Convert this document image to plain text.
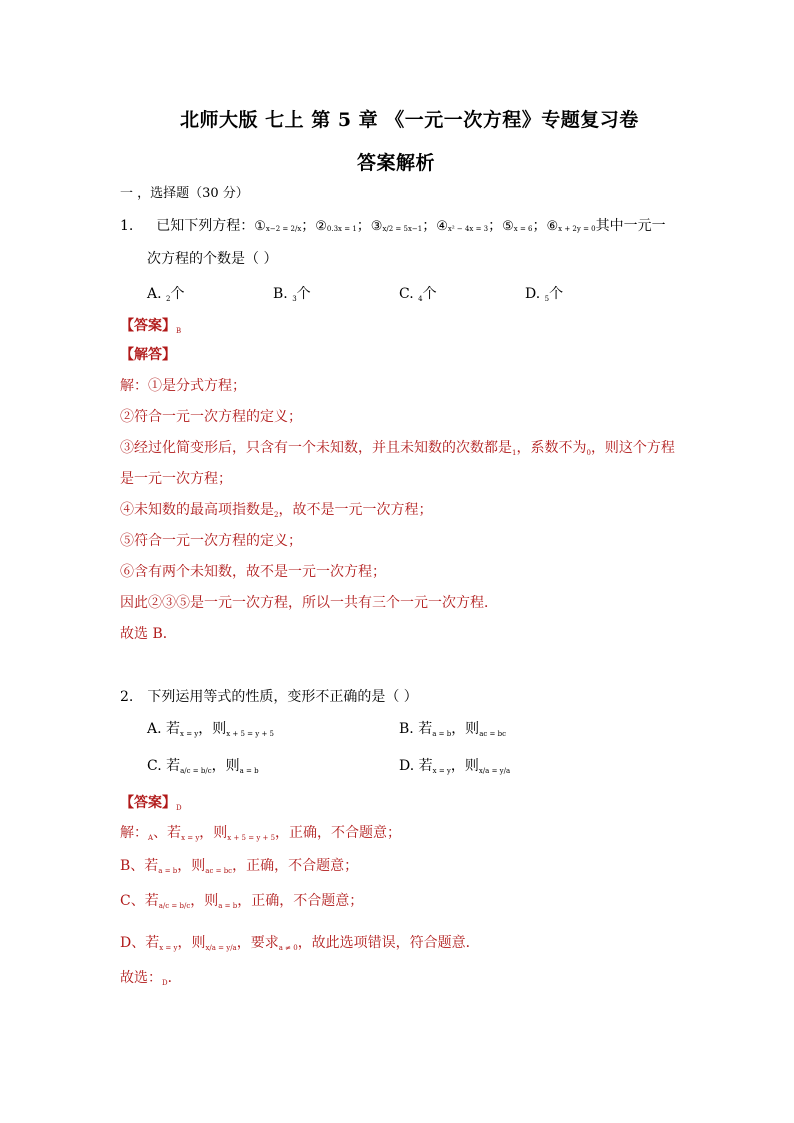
北师大版 七上 第 5 章 《一元一次方程》专题复习卷
答案解析
一 ，选择题（30 分）
1. 已知下列方程：①x−2 = 2/x；②0.3x = 1；③x/2 = 5x−1；④x² − 4x = 3；⑤x = 6；⑥x + 2y = 0其中一元一
次方程的个数是（ ）
A. $_2$个	B. $_3$个	C. $_4$个	D. $_5$个
【答案】$_B$
【解答】
解：①是分式方程；
②符合一元一次方程的定义；
③经过化简变形后，只含有一个未知数，并且未知数的次数都是$_1$，系数不为$_0$，则这个方程
是一元一次方程；
④未知数的最高项指数是$_2$，故不是一元一次方程；
⑤符合一元一次方程的定义；
⑥含有两个未知数，故不是一元一次方程；
因此②③⑤是一元一次方程，所以一共有三个一元一次方程．
故选 B．
2. 下列运用等式的性质，变形不正确的是（ ）
A. 若$_{x = y}$，则$_{x + 5 = y + 5}$	B. 若$_{a = b}$，则$_{ac = bc}$
C. 若$_{a/c = b/c}$，则$_{a = b}$	D. 若$_{x = y}$，则$_{x/a = y/a}$
【答案】$_D$
解：$_A$、若$_{x = y}$，则$_{x + 5 = y + 5}$，正确，不合题意；
B、若$_{a = b}$，则$_{ac = bc}$，正确，不合题意；
C、若$_{a/c = b/c}$，则$_{a = b}$，正确，不合题意；
D、若$_{x = y}$，则$_{x/a = y/a}$，要求$_{a \ne 0}$，故此选项错误，符合题意．
故选：$_D$．
